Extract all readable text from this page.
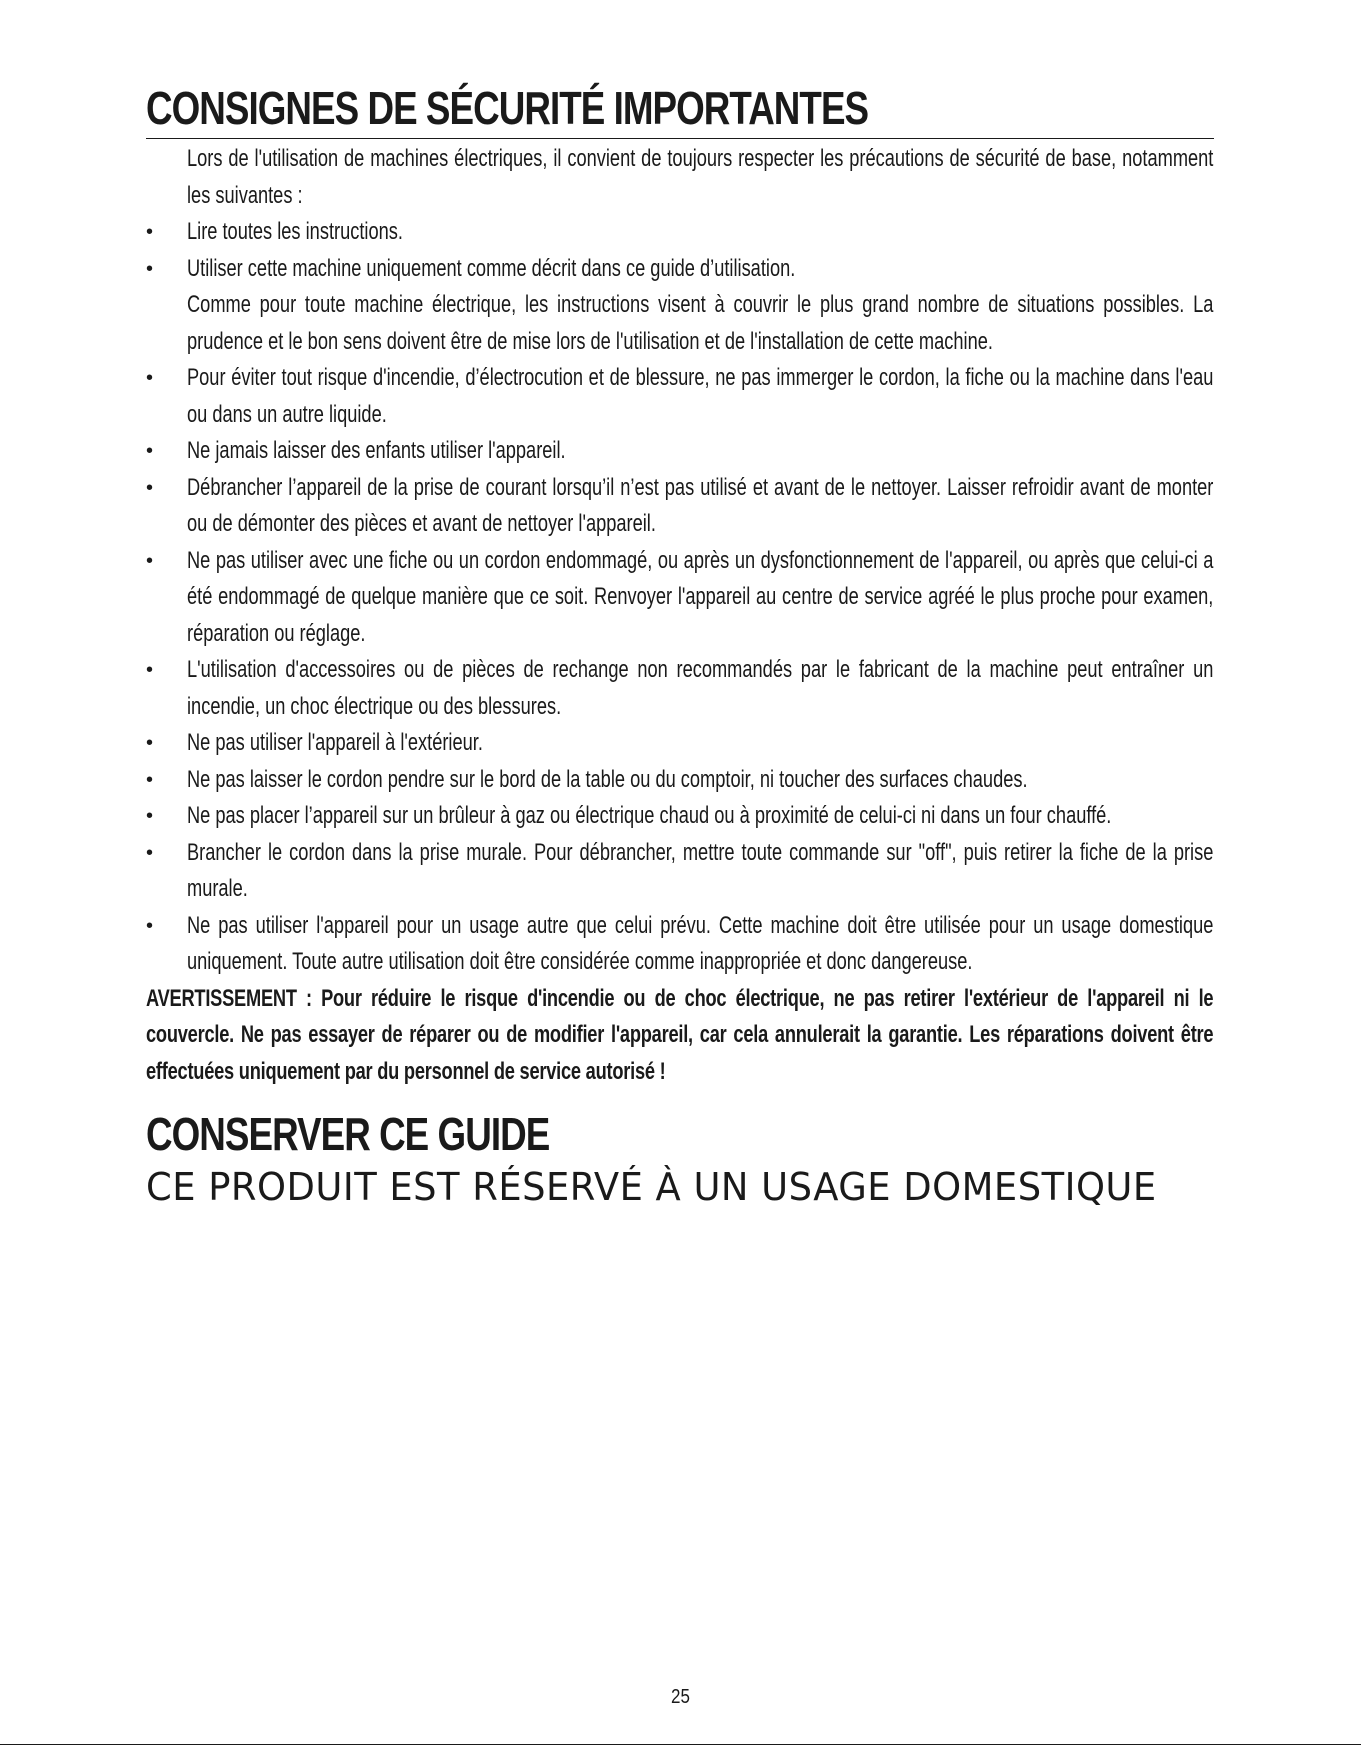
CONSIGNES DE SÉCURITÉ IMPORTANTES
Lors de l'utilisation de machines électriques, il convient de toujours respecter les précautions de sécurité de base, notamment les suivantes :
• Lire toutes les instructions.
• Utiliser cette machine uniquement comme décrit dans ce guide d’utilisation.
Comme pour toute machine électrique, les instructions visent à couvrir le plus grand nombre de situations possibles. La prudence et le bon sens doivent être de mise lors de l'utilisation et de l'installation de cette machine.
• Pour éviter tout risque d'incendie, d’électrocution et de blessure, ne pas immerger le cordon, la fiche ou la machine dans l'eau ou dans un autre liquide.
• Ne jamais laisser des enfants utiliser l'appareil.
• Débrancher l’appareil de la prise de courant lorsqu’il n’est pas utilisé et avant de le nettoyer. Laisser refroidir avant de monter ou de démonter des pièces et avant de nettoyer l'appareil.
• Ne pas utiliser avec une fiche ou un cordon endommagé, ou après un dysfonctionnement de l'appareil, ou après que celui-ci a été endommagé de quelque manière que ce soit. Renvoyer l'appareil au centre de service agréé le plus proche pour examen, réparation ou réglage.
• L'utilisation d'accessoires ou de pièces de rechange non recommandés par le fabricant de la machine peut entraîner un incendie, un choc électrique ou des blessures.
• Ne pas utiliser l'appareil à l'extérieur.
• Ne pas laisser le cordon pendre sur le bord de la table ou du comptoir, ni toucher des surfaces chaudes.
• Ne pas placer l’appareil sur un brûleur à gaz ou électrique chaud ou à proximité de celui-ci ni dans un four chauffé.
• Brancher le cordon dans la prise murale. Pour débrancher, mettre toute commande sur "off", puis retirer la fiche de la prise murale.
• Ne pas utiliser l'appareil pour un usage autre que celui prévu. Cette machine doit être utilisée pour un usage domestique uniquement. Toute autre utilisation doit être considérée comme inappropriée et donc dangereuse.
AVERTISSEMENT : Pour réduire le risque d'incendie ou de choc électrique, ne pas retirer l'extérieur de l'appareil ni le couvercle. Ne pas essayer de réparer ou de modifier l'appareil, car cela annulerait la garantie. Les réparations doivent être effectuées uniquement par du personnel de service autorisé !
CONSERVER CE GUIDE
CE PRODUIT EST RÉSERVÉ À UN USAGE DOMESTIQUE
25
